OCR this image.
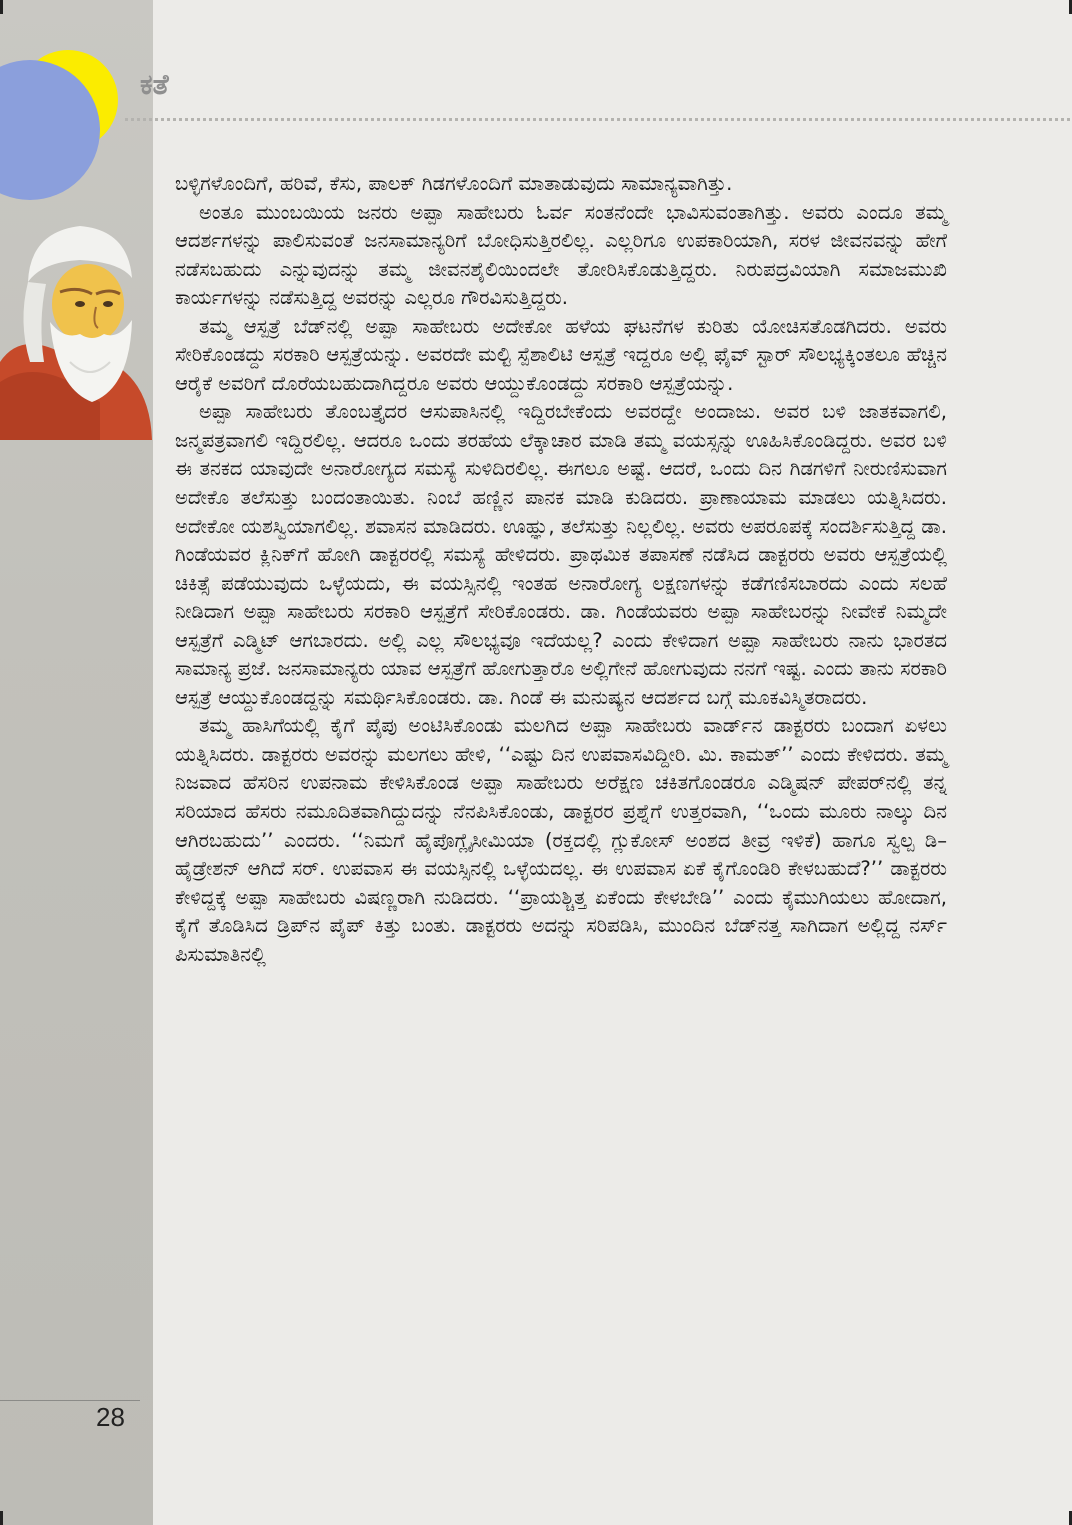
ಕತೆ

ಬಳ್ಳಿಗಳೊಂದಿಗೆ, ಹರಿವೆ, ಕೆಸು, ಪಾಲಕ್ ಗಿಡಗಳೊಂದಿಗೆ ಮಾತಾಡುವುದು ಸಾಮಾನ್ಯವಾಗಿತ್ತು.

ಅಂತೂ ಮುಂಬಯಿಯ ಜನರು ಅಪ್ಪಾ ಸಾಹೇಬರು ಓರ್ವ ಸಂತನೆಂದೇ ಭಾವಿಸುವಂತಾಗಿತ್ತು. ಅವರು ಎಂದೂ ತಮ್ಮ ಆದರ್ಶಗಳನ್ನು ಪಾಲಿಸುವಂತೆ ಜನಸಾಮಾನ್ಯರಿಗೆ ಬೋಧಿಸುತ್ತಿರಲಿಲ್ಲ. ಎಲ್ಲರಿಗೂ ಉಪಕಾರಿಯಾಗಿ, ಸರಳ ಜೀವನವನ್ನು ಹೇಗೆ ನಡೆಸಬಹುದು ಎನ್ನುವುದನ್ನು ತಮ್ಮ ಜೀವನಶೈಲಿಯಿಂದಲೇ ತೋರಿಸಿಕೊಡುತ್ತಿದ್ದರು. ನಿರುಪದ್ರವಿಯಾಗಿ ಸಮಾಜಮುಖಿ ಕಾರ್ಯಗಳನ್ನು ನಡೆಸುತ್ತಿದ್ದ ಅವರನ್ನು ಎಲ್ಲರೂ ಗೌರವಿಸುತ್ತಿದ್ದರು.

ತಮ್ಮ ಆಸ್ಪತ್ರೆ ಬೆಡ್‌ನಲ್ಲಿ ಅಪ್ಪಾ ಸಾಹೇಬರು ಅದೇಕೋ ಹಳೆಯ ಘಟನೆಗಳ ಕುರಿತು ಯೋಚಿಸತೊಡಗಿದರು. ಅವರು ಸೇರಿಕೊಂಡದ್ದು ಸರಕಾರಿ ಆಸ್ಪತ್ರೆಯನ್ನು. ಅವರದೇ ಮಲ್ಟಿ ಸ್ಪೆಶಾಲಿಟಿ ಆಸ್ಪತ್ರೆ ಇದ್ದರೂ ಅಲ್ಲಿ ಫೈವ್ ಸ್ಟಾರ್ ಸೌಲಭ್ಯಕ್ಕಿಂತಲೂ ಹೆಚ್ಚಿನ ಆರೈಕೆ ಅವರಿಗೆ ದೊರೆಯಬಹುದಾಗಿದ್ದರೂ ಅವರು ಆಯ್ದುಕೊಂಡದ್ದು ಸರಕಾರಿ ಆಸ್ಪತ್ರೆಯನ್ನು.

ಅಪ್ಪಾ ಸಾಹೇಬರು ತೊಂಬತ್ತೈದರ ಆಸುಪಾಸಿನಲ್ಲಿ ಇದ್ದಿರಬೇಕೆಂದು ಅವರದ್ದೇ ಅಂದಾಜು. ಅವರ ಬಳಿ ಜಾತಕವಾಗಲಿ, ಜನ್ಮಪತ್ರವಾಗಲಿ ಇದ್ದಿರಲಿಲ್ಲ. ಆದರೂ ಒಂದು ತರಹೆಯ ಲೆಕ್ಕಾಚಾರ ಮಾಡಿ ತಮ್ಮ ವಯಸ್ಸನ್ನು ಊಹಿಸಿಕೊಂಡಿದ್ದರು. ಅವರ ಬಳಿ ಈ ತನಕದ ಯಾವುದೇ ಅನಾರೋಗ್ಯದ ಸಮಸ್ಯೆ ಸುಳಿದಿರಲಿಲ್ಲ. ಈಗಲೂ ಅಷ್ಟೆ. ಆದರೆ, ಒಂದು ದಿನ ಗಿಡಗಳಿಗೆ ನೀರುಣಿಸುವಾಗ ಅದೇಕೊ ತಲೆಸುತ್ತು ಬಂದಂತಾಯಿತು. ನಿಂಬೆ ಹಣ್ಣಿನ ಪಾನಕ ಮಾಡಿ ಕುಡಿದರು. ಪ್ರಾಣಾಯಾಮ ಮಾಡಲು ಯತ್ನಿಸಿದರು. ಅದೇಕೋ ಯಶಸ್ವಿಯಾಗಲಿಲ್ಲ. ಶವಾಸನ ಮಾಡಿದರು. ಊಹ್ಞು, ತಲೆಸುತ್ತು ನಿಲ್ಲಲಿಲ್ಲ. ಅವರು ಅಪರೂಪಕ್ಕೆ ಸಂದರ್ಶಿಸುತ್ತಿದ್ದ ಡಾ. ಗಿಂಡೆಯವರ ಕ್ಲಿನಿಕ್‌ಗೆ ಹೋಗಿ ಡಾಕ್ಟರರಲ್ಲಿ ಸಮಸ್ಯೆ ಹೇಳಿದರು. ಪ್ರಾಥಮಿಕ ತಪಾಸಣೆ ನಡೆಸಿದ ಡಾಕ್ಟರರು ಅವರು ಆಸ್ಪತ್ರೆಯಲ್ಲಿ ಚಿಕಿತ್ಸೆ ಪಡೆಯುವುದು ಒಳ್ಳೆಯದು, ಈ ವಯಸ್ಸಿನಲ್ಲಿ ಇಂತಹ ಅನಾರೋಗ್ಯ ಲಕ್ಷಣಗಳನ್ನು ಕಡೆಗಣಿಸಬಾರದು ಎಂದು ಸಲಹೆ ನೀಡಿದಾಗ ಅಪ್ಪಾ ಸಾಹೇಬರು ಸರಕಾರಿ ಆಸ್ಪತ್ರೆಗೆ ಸೇರಿಕೊಂಡರು. ಡಾ. ಗಿಂಡೆಯವರು ಅಪ್ಪಾ ಸಾಹೇಬರನ್ನು ನೀವೇಕೆ ನಿಮ್ಮದೇ ಆಸ್ಪತ್ರೆಗೆ ಎಡ್ಮಿಟ್ ಆಗಬಾರದು. ಅಲ್ಲಿ ಎಲ್ಲ ಸೌಲಭ್ಯವೂ ಇದೆಯಲ್ಲ? ಎಂದು ಕೇಳಿದಾಗ ಅಪ್ಪಾ ಸಾಹೇಬರು ನಾನು ಭಾರತದ ಸಾಮಾನ್ಯ ಪ್ರಜೆ. ಜನಸಾಮಾನ್ಯರು ಯಾವ ಆಸ್ಪತ್ರೆಗೆ ಹೋಗುತ್ತಾರೊ ಅಲ್ಲಿಗೇನೆ ಹೋಗುವುದು ನನಗೆ ಇಷ್ಟ. ಎಂದು ತಾನು ಸರಕಾರಿ ಆಸ್ಪತ್ರೆ ಆಯ್ದುಕೊಂಡದ್ದನ್ನು ಸಮರ್ಥಿಸಿಕೊಂಡರು. ಡಾ. ಗಿಂಡೆ ಈ ಮನುಷ್ಯನ ಆದರ್ಶದ ಬಗ್ಗೆ ಮೂಕವಿಸ್ಮಿತರಾದರು.

ತಮ್ಮ ಹಾಸಿಗೆಯಲ್ಲಿ ಕೈಗೆ ಪೈಪು ಅಂಟಿಸಿಕೊಂಡು ಮಲಗಿದ ಅಪ್ಪಾ ಸಾಹೇಬರು ವಾರ್ಡ್‌ನ ಡಾಕ್ಟರರು ಬಂದಾಗ ಏಳಲು ಯತ್ನಿಸಿದರು. ಡಾಕ್ಟರರು ಅವರನ್ನು ಮಲಗಲು ಹೇಳಿ, ‘‘ಎಷ್ಟು ದಿನ ಉಪವಾಸವಿದ್ದೀರಿ. ಮಿ. ಕಾಮತ್’’ ಎಂದು ಕೇಳಿದರು. ತಮ್ಮ ನಿಜವಾದ ಹೆಸರಿನ ಉಪನಾಮ ಕೇಳಿಸಿಕೊಂಡ ಅಪ್ಪಾ ಸಾಹೇಬರು ಅರೆಕ್ಷಣ ಚಕಿತಗೊಂಡರೂ ಎಡ್ಮಿಷನ್ ಪೇಪರ್‌ನಲ್ಲಿ ತನ್ನ ಸರಿಯಾದ ಹೆಸರು ನಮೂದಿತವಾಗಿದ್ದುದನ್ನು ನೆನಪಿಸಿಕೊಂಡು, ಡಾಕ್ಟರರ ಪ್ರಶ್ನೆಗೆ ಉತ್ತರವಾಗಿ, ‘‘ಒಂದು ಮೂರು ನಾಲ್ಕು ದಿನ ಆಗಿರಬಹುದು’’ ಎಂದರು. ‘‘ನಿಮಗೆ ಹೈಪೊಗ್ಲೈಸೀಮಿಯಾ (ರಕ್ತದಲ್ಲಿ ಗ್ಲುಕೋಸ್ ಅಂಶದ ತೀವ್ರ ಇಳಿಕೆ) ಹಾಗೂ ಸ್ವಲ್ಪ ಡಿ–ಹೈಡ್ರೇಶನ್ ಆಗಿದೆ ಸರ್. ಉಪವಾಸ ಈ ವಯಸ್ಸಿನಲ್ಲಿ ಒಳ್ಳೆಯದಲ್ಲ. ಈ ಉಪವಾಸ ಏಕೆ ಕೈಗೊಂಡಿರಿ ಕೇಳಬಹುದೆ?’’ ಡಾಕ್ಟರರು ಕೇಳಿದ್ದಕ್ಕೆ ಅಪ್ಪಾ ಸಾಹೇಬರು ವಿಷಣ್ಣರಾಗಿ ನುಡಿದರು. ‘‘ಪ್ರಾಯಶ್ಚಿತ್ತ ಏಕೆಂದು ಕೇಳಬೇಡಿ’’ ಎಂದು ಕೈಮುಗಿಯಲು ಹೋದಾಗ, ಕೈಗೆ ತೊಡಿಸಿದ ಡ್ರಿಪ್‌ನ ಪೈಪ್ ಕಿತ್ತು ಬಂತು. ಡಾಕ್ಟರರು ಅದನ್ನು ಸರಿಪಡಿಸಿ, ಮುಂದಿನ ಬೆಡ್‌ನತ್ತ ಸಾಗಿದಾಗ ಅಲ್ಲಿದ್ದ ನರ್ಸ್ ಪಿಸುಮಾತಿನಲ್ಲಿ

28
